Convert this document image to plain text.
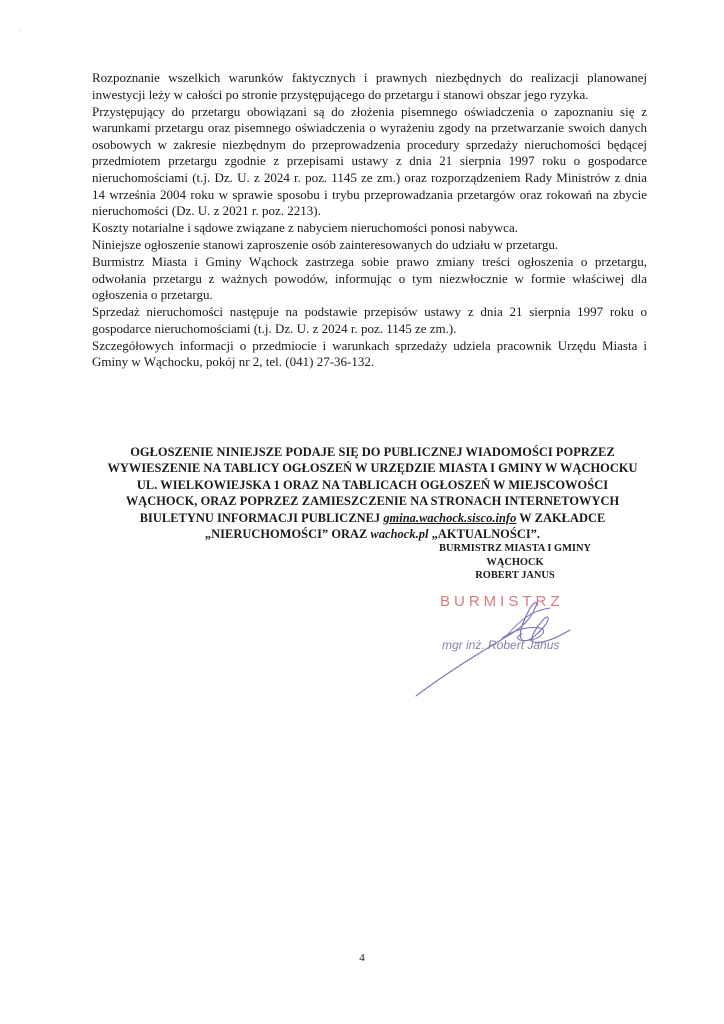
·

Rozpoznanie wszelkich warunków faktycznych i prawnych niezbędnych do realizacji planowanej inwestycji leży w całości po stronie przystępującego do przetargu i stanowi obszar jego ryzyka.

Przystępujący do przetargu obowiązani są do złożenia pisemnego oświadczenia o zapoznaniu się z warunkami przetargu oraz pisemnego oświadczenia o wyrażeniu zgody na przetwarzanie swoich danych osobowych w zakresie niezbędnym do przeprowadzenia procedury sprzedaży nieruchomości będącej przedmiotem przetargu zgodnie z przepisami ustawy z dnia 21 sierpnia 1997 roku o gospodarce nieruchomościami (t.j. Dz. U. z 2024 r. poz. 1145 ze zm.) oraz rozporządzeniem Rady Ministrów z dnia 14 września 2004 roku w sprawie sposobu i trybu przeprowadzania przetargów oraz rokowań na zbycie nieruchomości (Dz. U. z 2021 r. poz. 2213).

Koszty notarialne i sądowe związane z nabyciem nieruchomości ponosi nabywca.

Niniejsze ogłoszenie stanowi zaproszenie osób zainteresowanych do udziału w przetargu.

Burmistrz Miasta i Gminy Wąchock zastrzega sobie prawo zmiany treści ogłoszenia o przetargu, odwołania przetargu z ważnych powodów, informując o tym niezwłocznie w formie właściwej dla ogłoszenia o przetargu.

Sprzedaż nieruchomości następuje na podstawie przepisów ustawy z dnia 21 sierpnia 1997 roku o gospodarce nieruchomościami (t.j. Dz. U. z 2024 r. poz. 1145 ze zm.).

Szczegółowych informacji o przedmiocie i warunkach sprzedaży udziela pracownik Urzędu Miasta i Gminy w Wąchocku, pokój nr 2, tel. (041) 27-36-132.

OGŁOSZENIE NINIEJSZE PODAJE SIĘ DO PUBLICZNEJ WIADOMOŚCI POPRZEZ WYWIESZENIE NA TABLICY OGŁOSZEŃ W URZĘDZIE MIASTA I GMINY W WĄCHOCKU UL. WIELKOWIEJSKA 1 ORAZ NA TABLICACH OGŁOSZEŃ W MIEJSCOWOŚCI WĄCHOCK, ORAZ POPRZEZ ZAMIESZCZENIE NA STRONACH INTERNETOWYCH BIULETYNU INFORMACJI PUBLICZNEJ gmina.wachock.sisco.info W ZAKŁADCE „NIERUCHOMOŚCI” ORAZ wachock.pl „AKTUALNOŚCI”.
BURMISTRZ MIASTA I GMINY
WĄCHOCK
ROBERT JANUS
BURMISTRZ
mgr inż. Robert Janus
4
